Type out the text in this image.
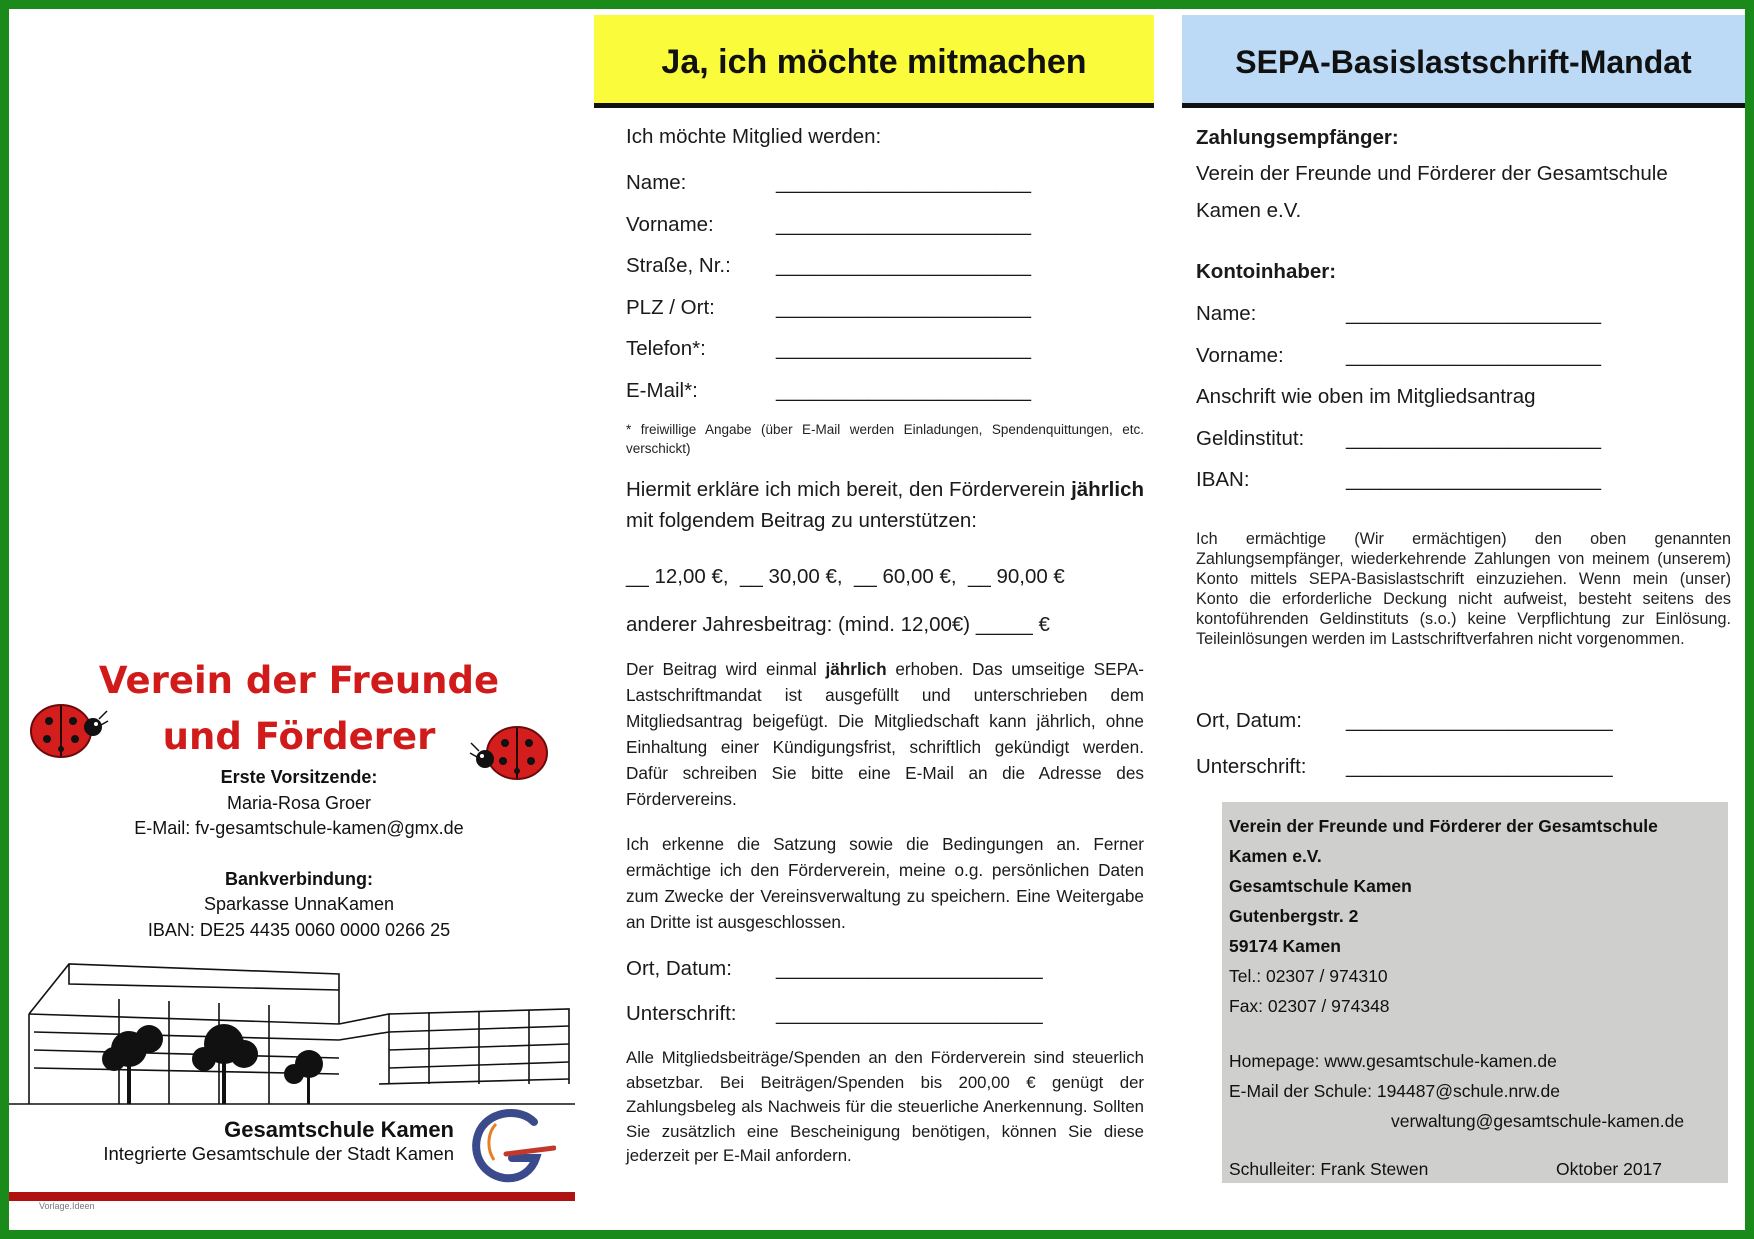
Verein der Freunde
und Förderer
Erste Vorsitzende:
Maria-Rosa Groer
E-Mail: fv-gesamtschule-kamen@gmx.de
Bankverbindung:
Sparkasse UnnaKamen
IBAN: DE25 4435 0060 0000 0266 25
Gesamtschule Kamen
Integrierte Gesamtschule der Stadt Kamen
Vorlage.Ideen
Ja, ich möchte mitmachen
Ich möchte Mitglied werden:
Name:	______________________
Vorname:	______________________
Straße, Nr.: ______________________
PLZ / Ort:	______________________
Telefon*:	______________________
E-Mail*:	______________________
* freiwillige Angabe (über E-Mail werden Einladungen, Spendenquittungen, etc. verschickt)
Hiermit erkläre ich mich bereit, den Förderverein jährlich mit folgendem Beitrag zu unterstützen:
__ 12,00 €,  __ 30,00 €,  __ 60,00 €,  __ 90,00 €
anderer Jahresbeitrag: (mind. 12,00€) _____ €
Der Beitrag wird einmal jährlich erhoben. Das umseitige SEPA-Lastschriftmandat ist ausgefüllt und unterschrieben dem Mitgliedsantrag beigefügt. Die Mitgliedschaft kann jährlich, ohne Einhaltung einer Kündigungsfrist, schriftlich gekündigt werden. Dafür schreiben Sie bitte eine E-Mail an die Adresse des Fördervereins.
Ich erkenne die Satzung sowie die Bedingungen an. Ferner ermächtige ich den Förderverein, meine o.g. persönlichen Daten zum Zwecke der Vereinsverwaltung zu speichern. Eine Weitergabe an Dritte ist ausgeschlossen.
Ort, Datum: _______________________
Unterschrift: _______________________
Alle Mitgliedsbeiträge/Spenden an den Förderverein sind steuerlich absetzbar. Bei Beiträgen/Spenden bis 200,00 € genügt der Zahlungsbeleg als Nachweis für die steuerliche Anerkennung. Sollten Sie zusätzlich eine Bescheinigung benötigen, können Sie diese jederzeit per E-Mail anfordern.
SEPA-Basislastschrift-Mandat
Zahlungsempfänger:
Verein der Freunde und Förderer der Gesamtschule
Kamen e.V.
Kontoinhaber:
Name:	______________________
Vorname:	______________________
Anschrift wie oben im Mitgliedsantrag
Geldinstitut: ______________________
IBAN:	______________________
Ich ermächtige (Wir ermächtigen) den oben genannten Zahlungsempfänger, wiederkehrende Zahlungen von meinem (unserem) Konto mittels SEPA-Basislastschrift einzuziehen. Wenn mein (unser) Konto die erforderliche Deckung nicht aufweist, besteht seitens des kontoführenden Geldinstituts (s.o.) keine Verpflichtung zur Einlösung. Teileinlösungen werden im Lastschriftverfahren nicht vorgenommen.
Ort, Datum: _______________________
Unterschrift: _______________________
Verein der Freunde und Förderer der Gesamtschule
Kamen e.V.
Gesamtschule Kamen
Gutenbergstr. 2
59174 Kamen
Tel.: 02307 / 974310
Fax: 02307 / 974348
Homepage: www.gesamtschule-kamen.de
E-Mail der Schule: 194487@schule.nrw.de
verwaltung@gesamtschule-kamen.de
Schulleiter: Frank Stewen	Oktober 2017
